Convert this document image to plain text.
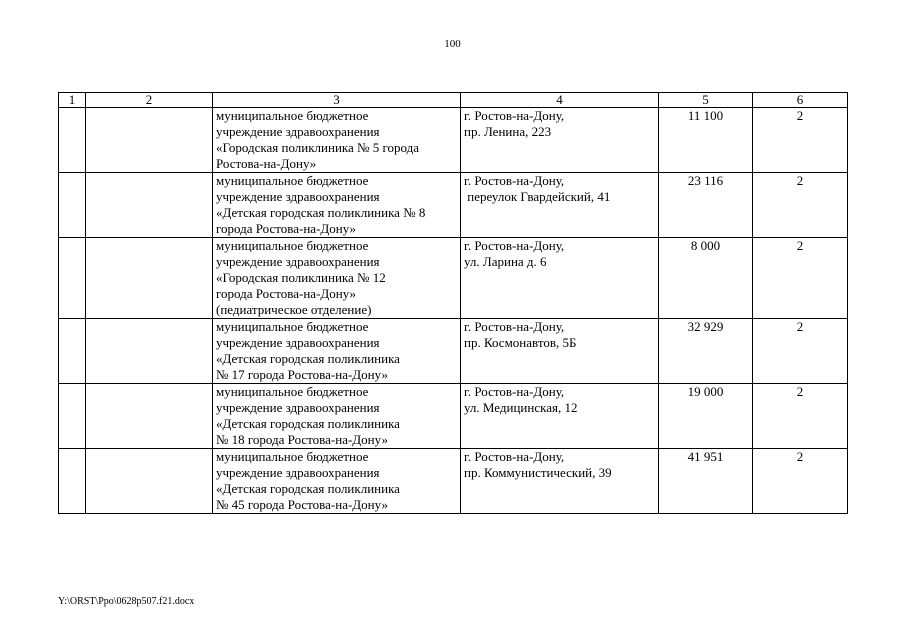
100
1	2	3	4	5	6

		муниципальное бюджетное
учреждение здравоохранения
«Городская поликлиника № 5 города
Ростова-на-Дону»	г. Ростов-на-Дону,
пр. Ленина, 223	11 100	2

		муниципальное бюджетное
учреждение здравоохранения
«Детская городская поликлиника № 8
города Ростова-на-Дону»	г. Ростов-на-Дону,
переулок Гвардейский, 41	23 116	2

		муниципальное бюджетное
учреждение здравоохранения
«Городская поликлиника № 12
города Ростова-на-Дону»
(педиатрическое отделение)	г. Ростов-на-Дону,
ул. Ларина д. 6	8 000	2

		муниципальное бюджетное
учреждение здравоохранения
«Детская городская поликлиника
№ 17 города Ростова-на-Дону»	г. Ростов-на-Дону,
пр. Космонавтов, 5Б	32 929	2

		муниципальное бюджетное
учреждение здравоохранения
«Детская городская поликлиника
№ 18 города Ростова-на-Дону»	г. Ростов-на-Дону,
ул. Медицинская, 12	19 000	2

		муниципальное бюджетное
учреждение здравоохранения
«Детская городская поликлиника
№ 45 города Ростова-на-Дону»	г. Ростов-на-Дону,
пр. Коммунистический, 39	41 951	2
Y:\ORST\Ppo\0628p507.f21.docx
